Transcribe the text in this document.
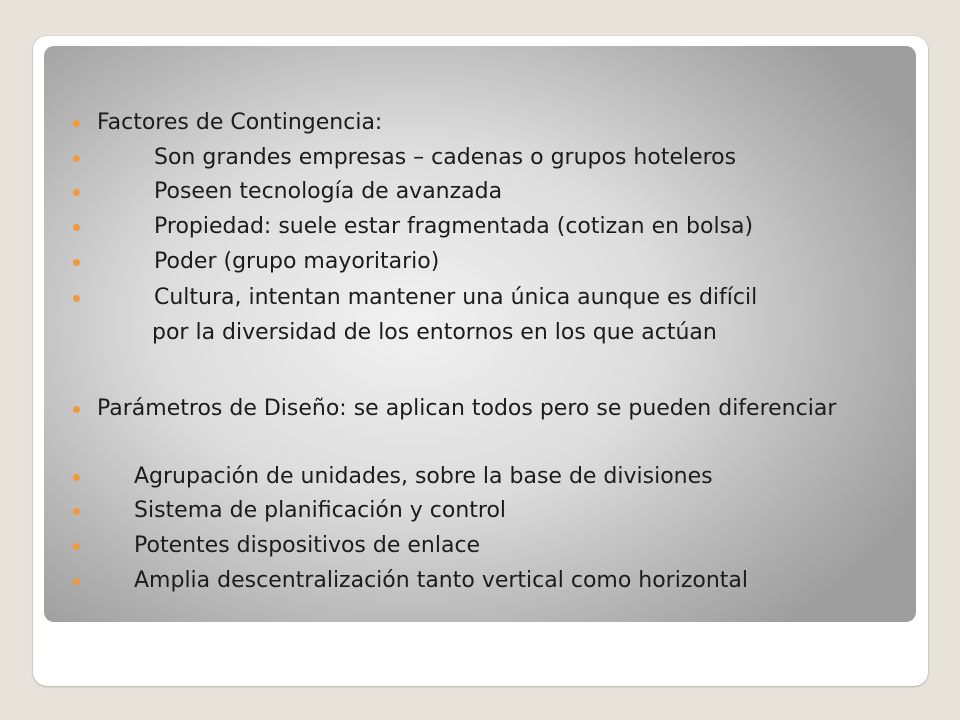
por la diversidad de los entornos en los que actúan
Factores de Contingencia:
Son grandes empresas – cadenas o grupos hoteleros
Poseen tecnología de avanzada
Propiedad: suele estar fragmentada (cotizan en bolsa)
Poder (grupo mayoritario)
Cultura, intentan mantener una única aunque es difícil
Parámetros de Diseño: se aplican todos pero se pueden diferenciar
Agrupación de unidades, sobre la base de divisiones
Sistema de planificación y control
Potentes dispositivos de enlace
Amplia descentralización tanto vertical como horizontal
